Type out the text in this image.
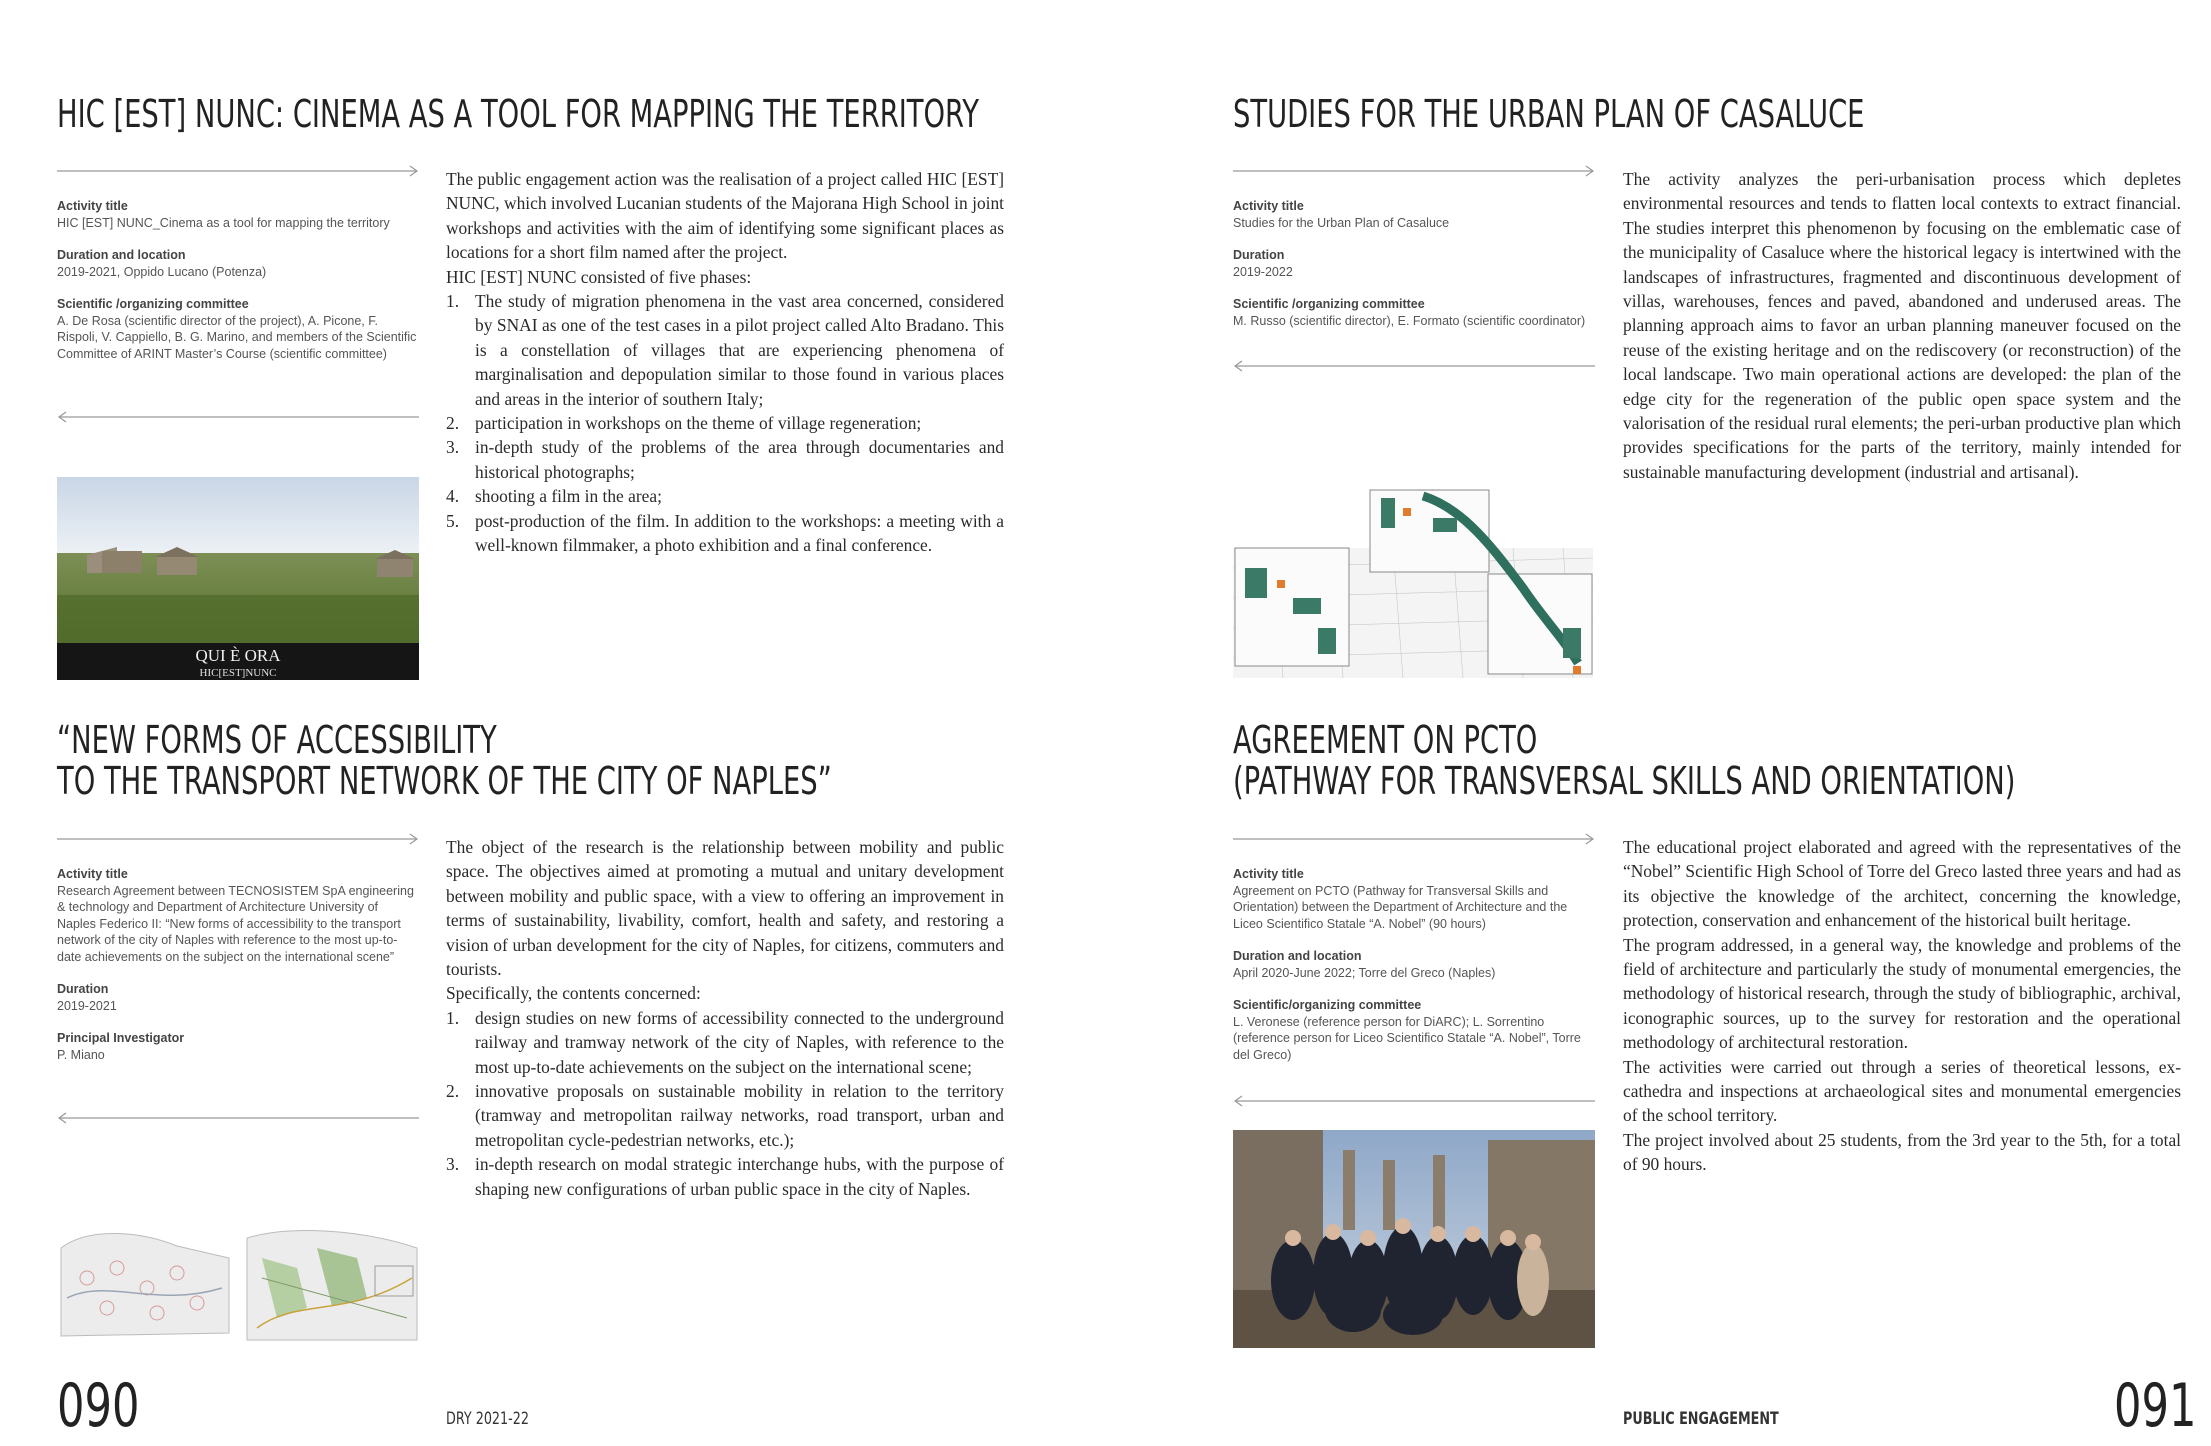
HIC [EST] NUNC: CINEMA AS A TOOL FOR MAPPING THE TERRITORY

Activity title

HIC [EST] NUNC_Cinema as a tool for mapping the territory

Duration and location

2019-2021, Oppido Lucano (Potenza)

Scientific /organizing committee

A. De Rosa (scientific director of the project), A. Picone, F. Rispoli, V. Cappiello, B. G. Marino, and members of the Scientific Committee of ARINT Master’s Course (scientific committee)

QUI È ORA
HIC[EST]NUNC

The public engagement action was the realisation of a project called HIC [EST] NUNC, which involved Lucanian students of the Majorana High School in joint workshops and activities with the aim of identifying some significant places as locations for a short film named after the project.

HIC [EST] NUNC consisted of five phases:

1. The study of migration phenomena in the vast area concerned, considered by SNAI as one of the test cases in a pilot project called Alto Bradano. This is a constellation of villages that are experiencing phenomena of marginalisation and depopulation similar to those found in various places and areas in the interior of southern Italy;
2. participation in workshops on the theme of village regeneration;
3. in-depth study of the problems of the area through documentaries and historical photographs;
4. shooting a film in the area;
5. post-production of the film. In addition to the workshops: a meeting with a well-known filmmaker, a photo exhibition and a final conference.
STUDIES FOR THE URBAN PLAN OF CASALUCE

Activity title

Studies for the Urban Plan of Casaluce

Duration

2019-2022

Scientific /organizing committee

M. Russo (scientific director), E. Formato (scientific coordinator)

The activity analyzes the peri-urbanisation process which depletes environmental resources and tends to flatten local contexts to extract financial. The studies interpret this phenomenon by focusing on the emblematic case of the municipality of Casaluce where the historical legacy is intertwined with the landscapes of infrastructures, fragmented and discontinuous development of villas, warehouses, fences and paved, abandoned and underused areas. The planning approach aims to favor an urban planning maneuver focused on the reuse of the existing heritage and on the rediscovery (or reconstruction) of the local landscape. Two main operational actions are developed: the plan of the edge city for the regeneration of the public open space system and the valorisation of the residual rural elements; the peri-urban productive plan which provides specifications for the parts of the territory, mainly intended for sustainable manufacturing development (industrial and artisanal).

“NEW FORMS OF ACCESSIBILITY
TO THE TRANSPORT NETWORK OF THE CITY OF NAPLES”

Activity title

Research Agreement between TECNOSISTEM SpA engineering & technology and Department of Architecture University of Naples Federico II: “New forms of accessibility to the transport network of the city of Naples with reference to the most up-to-date achievements on the subject on the international scene”

Duration

2019-2021

Principal Investigator

P. Miano

The object of the research is the relationship between mobility and public space. The objectives aimed at promoting a mutual and unitary development between mobility and public space, with a view to offering an improvement in terms of sustainability, livability, comfort, health and safety, and restoring a vision of urban development for the city of Naples, for citizens, commuters and tourists.

Specifically, the contents concerned:

1. design studies on new forms of accessibility connected to the underground railway and tramway network of the city of Naples, with reference to the most up-to-date achievements on the subject on the international scene;
2. innovative proposals on sustainable mobility in relation to the territory (tramway and metropolitan railway networks, road transport, urban and metropolitan cycle-pedestrian networks, etc.);
3. in-depth research on modal strategic interchange hubs, with the purpose of shaping new configurations of urban public space in the city of Naples.
AGREEMENT ON PCTO
(PATHWAY FOR TRANSVERSAL SKILLS AND ORIENTATION)

Activity title

Agreement on PCTO (Pathway for Transversal Skills and Orientation) between the Department of Architecture and the Liceo Scientifico Statale “A. Nobel” (90 hours)

Duration and location

April 2020-June 2022; Torre del Greco (Naples)

Scientific/organizing committee

L. Veronese (reference person for DiARC); L. Sorrentino (reference person for Liceo Scientifico Statale “A. Nobel”, Torre del Greco)

The educational project elaborated and agreed with the representatives of the “Nobel” Scientific High School of Torre del Greco lasted three years and had as its objective the knowledge of the architect, concerning the knowledge, protection, conservation and enhancement of the historical built heritage.

The program addressed, in a general way, the knowledge and problems of the field of architecture and particularly the study of monumental emergencies, the methodology of historical research, through the study of bibliographic, archival, iconographic sources, up to the survey for restoration and the operational methodology of architectural restoration.

The activities were carried out through a series of theoretical lessons, ex-cathedra and inspections at archaeological sites and monumental emergencies of the school territory.

The project involved about 25 students, from the 3rd year to the 5th, for a total of 90 hours.

090	DRY 2021-22	PUBLIC ENGAGEMENT	091
